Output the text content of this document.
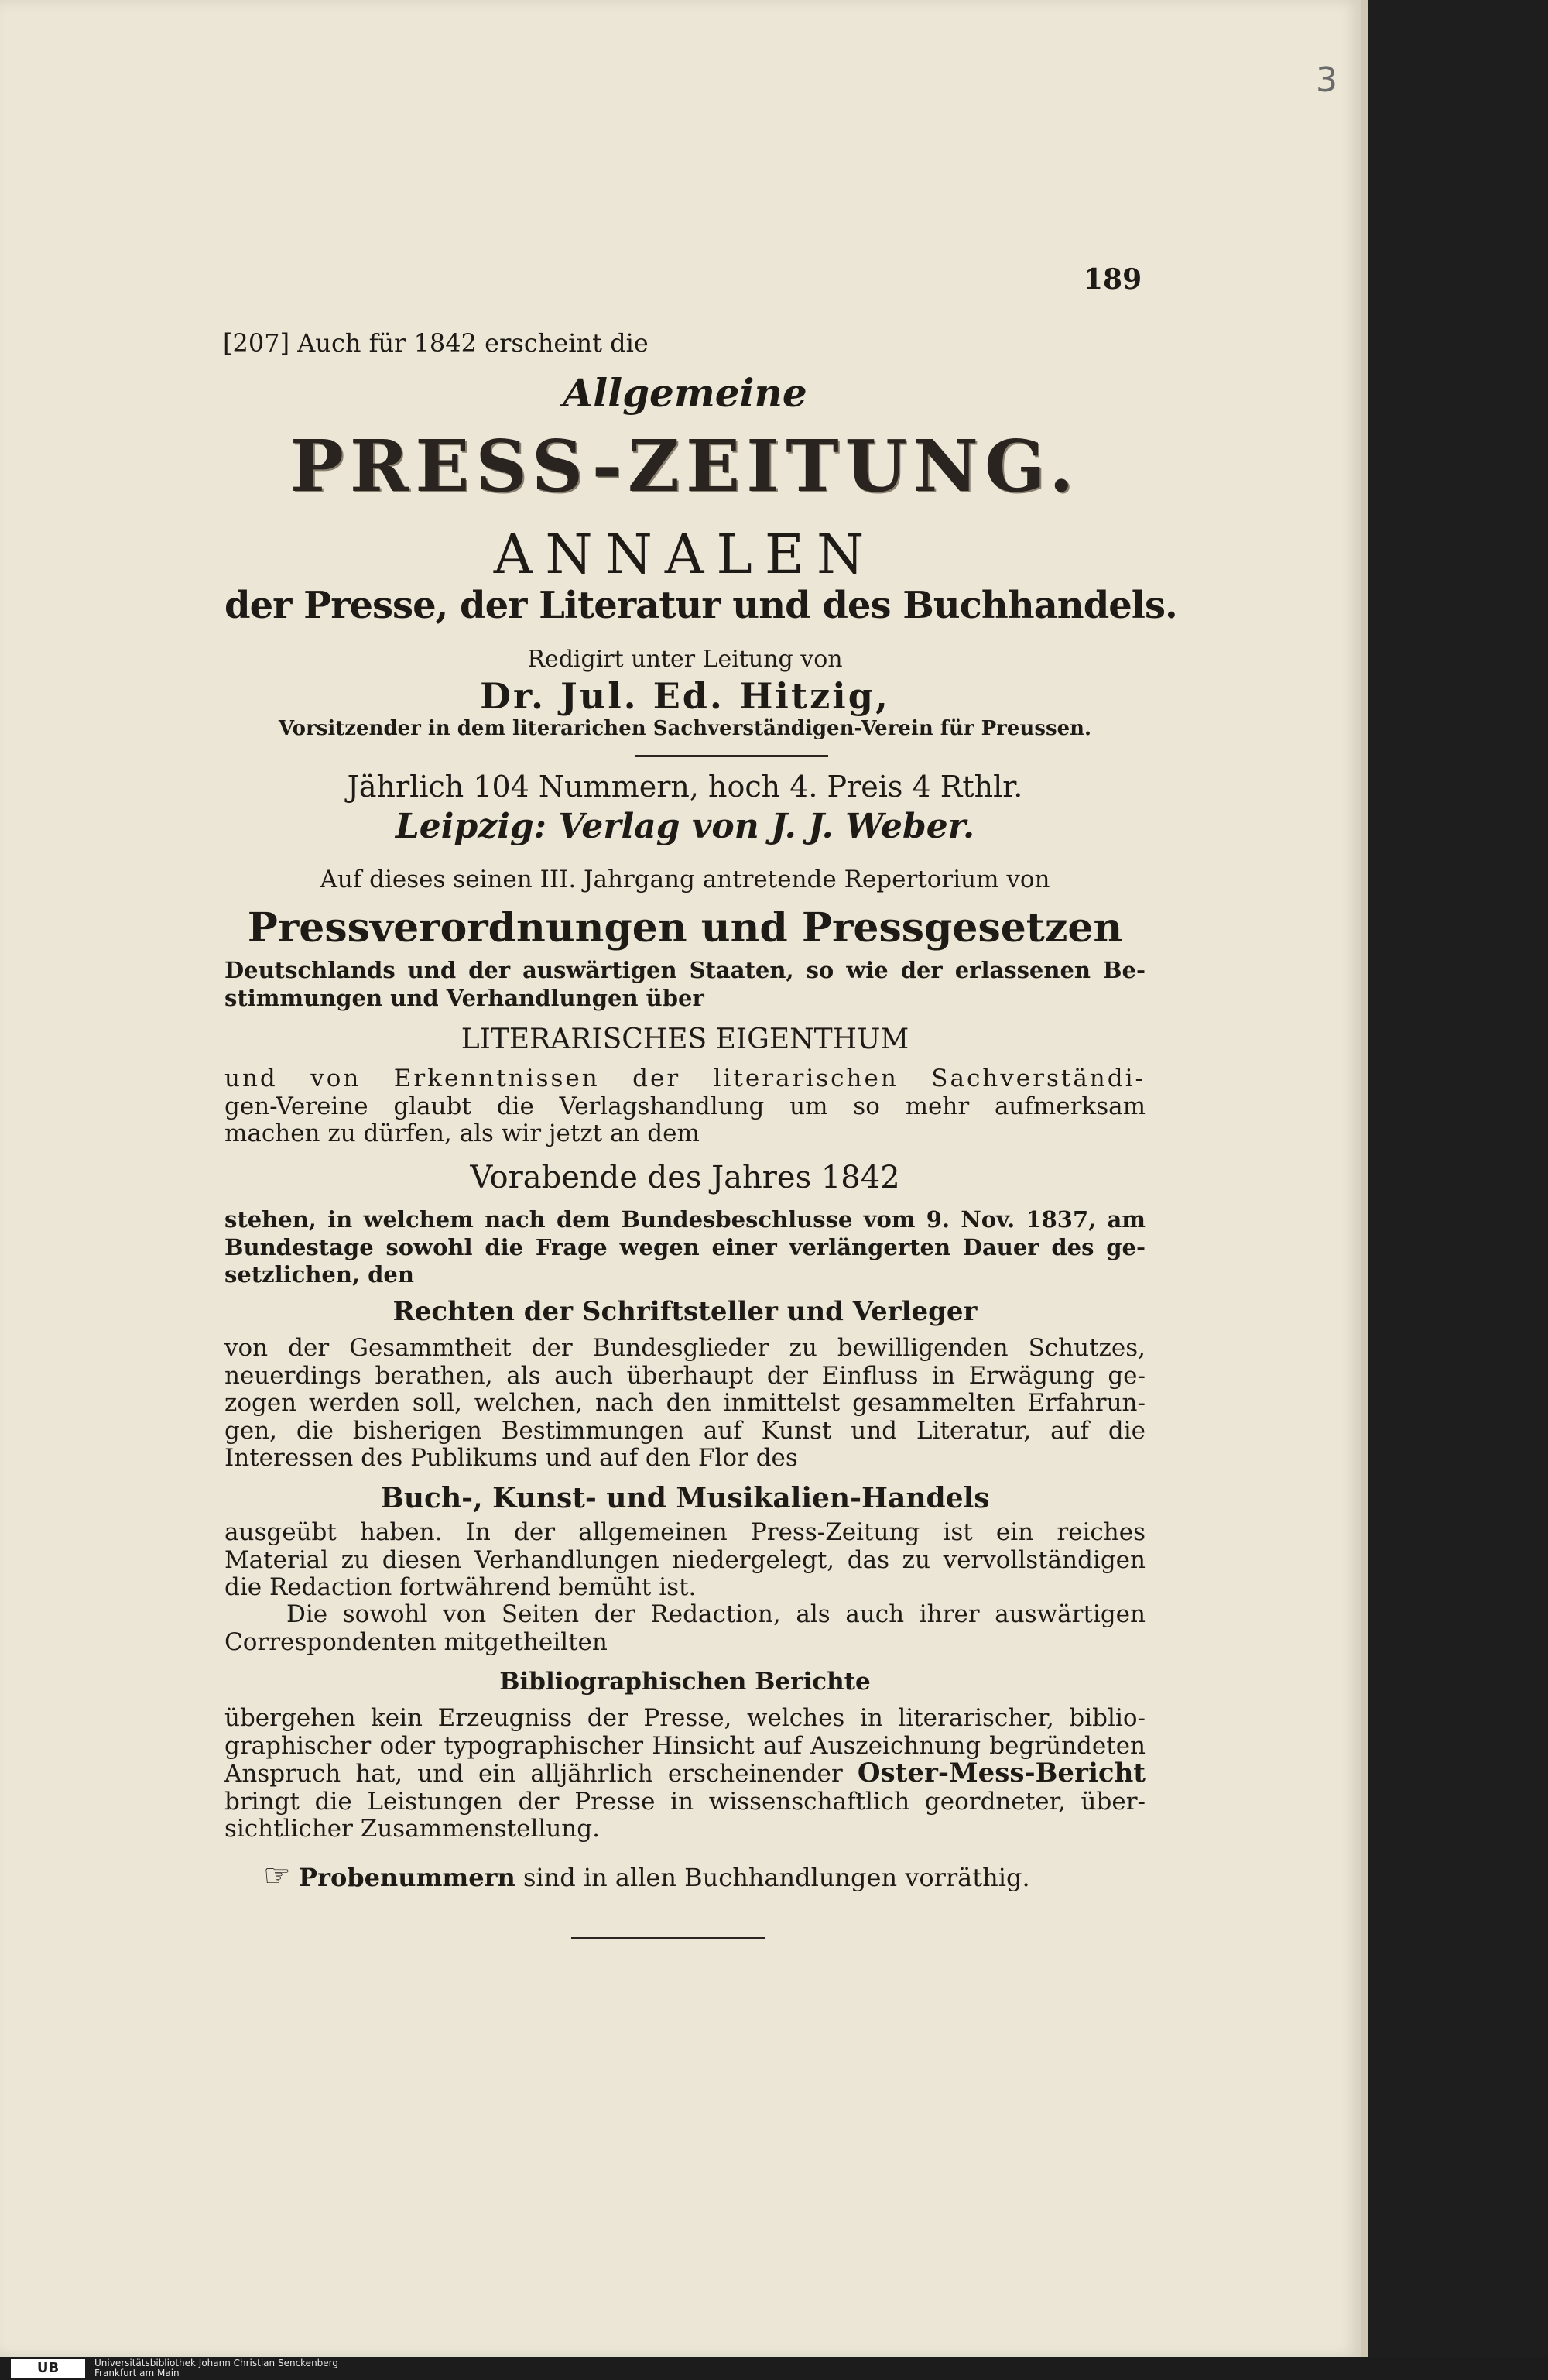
3
189
[207] Auch für 1842 erscheint die
Allgemeine
PRESS-ZEITUNG.
ANNALEN
der Presse, der Literatur und des Buchhandels.
Redigirt unter Leitung von
Dr. Jul. Ed. Hitzig,
Vorsitzender in dem literarichen Sachverständigen-Verein für Preussen.
Jährlich 104 Nummern, hoch 4. Preis 4 Rthlr.
Leipzig: Verlag von J. J. Weber.
Auf dieses seinen III. Jahrgang antretende Repertorium von
Pressverordnungen und Pressgesetzen
Deutschlands und der auswärtigen Staaten, so wie der erlassenen Be-
stimmungen und Verhandlungen über
LITERARISCHES EIGENTHUM
und von Erkenntnissen der literarischen Sachverständi-
gen-Vereine glaubt die Verlagshandlung um so mehr aufmerksam
machen zu dürfen, als wir jetzt an dem
Vorabende des Jahres 1842
stehen, in welchem nach dem Bundesbeschlusse vom 9. Nov. 1837, am
Bundestage sowohl die Frage wegen einer verlängerten Dauer des ge-
setzlichen, den
Rechten der Schriftsteller und Verleger
von der Gesammtheit der Bundesglieder zu bewilligenden Schutzes,
neuerdings berathen, als auch überhaupt der Einfluss in Erwägung ge-
zogen werden soll, welchen, nach den inmittelst gesammelten Erfahrun-
gen, die bisherigen Bestimmungen auf Kunst und Literatur, auf die
Interessen des Publikums und auf den Flor des
Buch-, Kunst- und Musikalien-Handels
ausgeübt haben. In der allgemeinen Press-Zeitung ist ein reiches
Material zu diesen Verhandlungen niedergelegt, das zu vervollständigen
die Redaction fortwährend bemüht ist.
Die sowohl von Seiten der Redaction, als auch ihrer auswärtigen
Correspondenten mitgetheilten
Bibliographischen Berichte
übergehen kein Erzeugniss der Presse, welches in literarischer, biblio-
graphischer oder typographischer Hinsicht auf Auszeichnung begründeten
Anspruch hat, und ein alljährlich erscheinender Oster-Mess-Bericht
bringt die Leistungen der Presse in wissenschaftlich geordneter, über-
sichtlicher Zusammenstellung.
☞ Probenummern sind in allen Buchhandlungen vorräthig.
UB	Universitätsbibliothek Johann Christian Senckenberg
Frankfurt am Main
